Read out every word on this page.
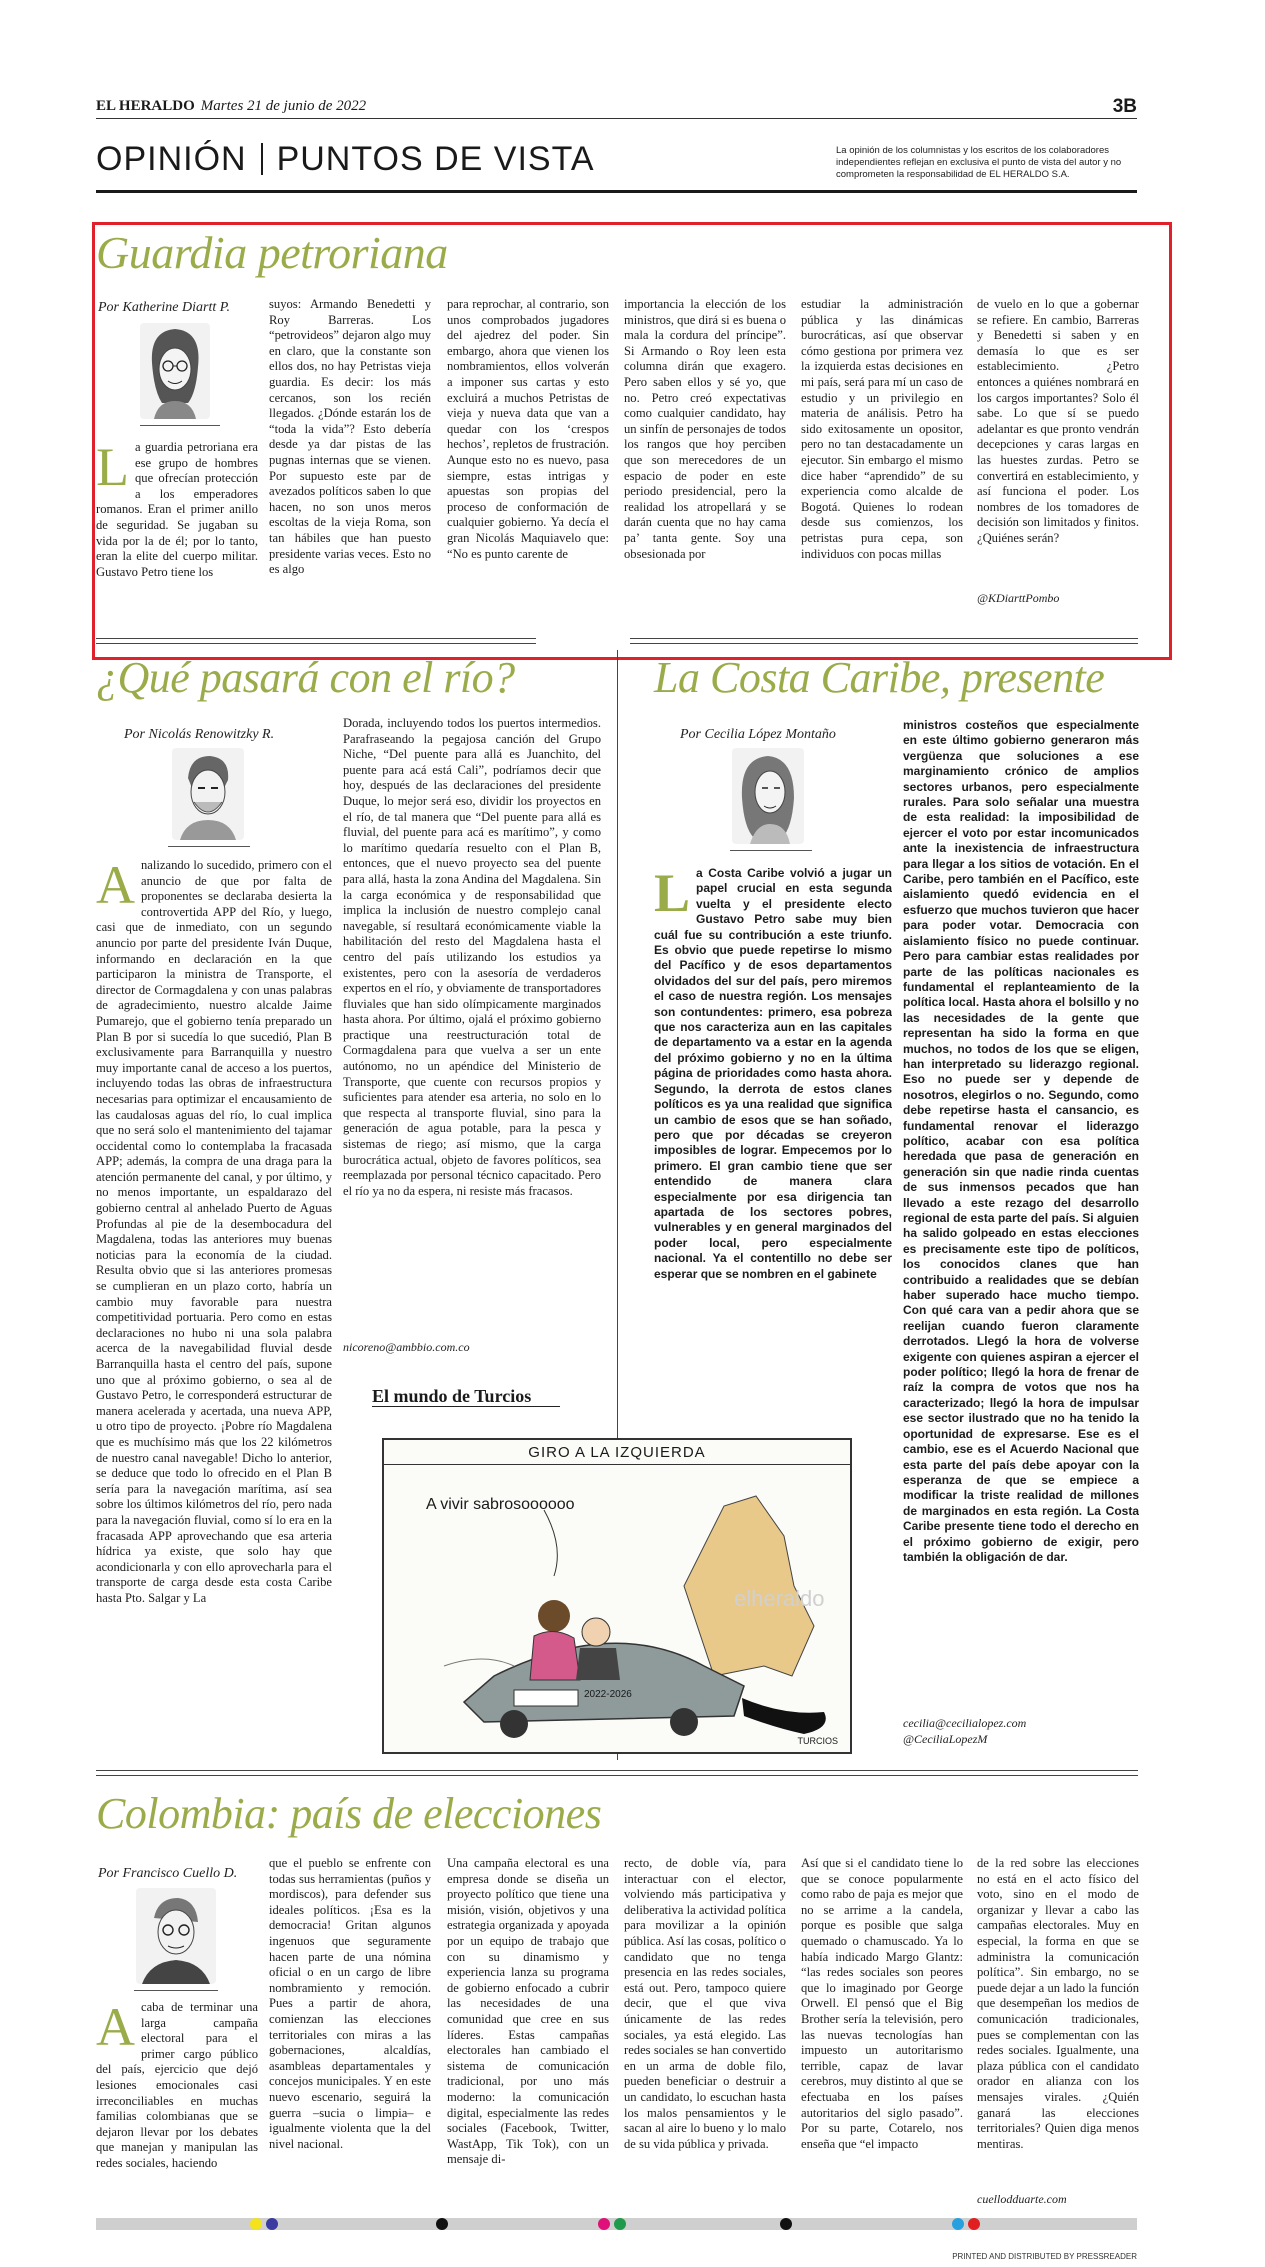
EL HERALDO Martes 21 de junio de 2022	3B
OPINIÓN PUNTOS DE VISTA	La opinión de los columnistas y los escritos de los colaboradores independientes reflejan en exclusiva el punto de vista del autor y no comprometen la responsabilidad de EL HERALDO S.A.
Guardia petroriana
Por Katherine Diartt P.
La guardia petroriana era ese grupo de hombres que ofrecían protección a los emperadores romanos. Eran el primer anillo de seguridad. Se jugaban su vida por la de él; por lo tanto, eran la elite del cuerpo militar. Gustavo Petro tiene los
suyos: Armando Benedetti y Roy Barreras. Los “petrovideos” dejaron algo muy en claro, que la constante son ellos dos, no hay Petristas vieja guardia. Es decir: los más cercanos, son los recién llegados. ¿Dónde estarán los de “toda la vida”? Esto debería desde ya dar pistas de las pugnas internas que se vienen. Por supuesto este par de avezados políticos saben lo que hacen, no son unos meros escoltas de la vieja Roma, son tan hábiles que han puesto presidente varias veces. Esto no es algo
para reprochar, al contrario, son unos comprobados jugadores del ajedrez del poder. Sin embargo, ahora que vienen los nombramientos, ellos volverán a imponer sus cartas y esto excluirá a muchos Petristas de vieja y nueva data que van a quedar con los ‘crespos hechos’, repletos de frustración. Aunque esto no es nuevo, pasa siempre, estas intrigas y apuestas son propias del proceso de conformación de cualquier gobierno. Ya decía el gran Nicolás Maquiavelo que: “No es punto carente de
importancia la elección de los ministros, que dirá si es buena o mala la cordura del príncipe”. Si Armando o Roy leen esta columna dirán que exagero. Pero saben ellos y sé yo, que no. Petro creó expectativas como cualquier candidato, hay un sinfín de personajes de todos los rangos que hoy perciben que son merecedores de un espacio de poder en este periodo presidencial, pero la realidad los atropellará y se darán cuenta que no hay cama pa’ tanta gente. Soy una obsesionada por
estudiar la administración pública y las dinámicas burocráticas, así que observar cómo gestiona por primera vez la izquierda estas decisiones en mi país, será para mí un caso de estudio y un privilegio en materia de análisis. Petro ha sido exitosamente un opositor, pero no tan destacadamente un ejecutor. Sin embargo el mismo dice haber “aprendido” de su experiencia como alcalde de Bogotá. Quienes lo rodean desde sus comienzos, los petristas pura cepa, son individuos con pocas millas
de vuelo en lo que a gobernar se refiere. En cambio, Barreras y Benedetti si saben y en demasía lo que es ser establecimiento. ¿Petro entonces a quiénes nombrará en los cargos importantes? Solo él sabe. Lo que sí se puedo adelantar es que pronto vendrán decepciones y caras largas en las huestes zurdas. Petro se convertirá en establecimiento, y así funciona el poder. Los nombres de los tomadores de decisión son limitados y finitos. ¿Quiénes serán?
@KDiarttPombo
¿Qué pasará con el río?
Por Nicolás Renowitzky R.
Analizando lo sucedido, primero con el anuncio de que por falta de proponentes se declaraba desierta la controvertida APP del Río, y luego, casi que de inmediato, con un segundo anuncio por parte del presidente Iván Duque, informando en declaración en la que participaron la ministra de Transporte, el director de Cormagdalena y con unas palabras de agradecimiento, nuestro alcalde Jaime Pumarejo, que el gobierno tenía preparado un Plan B por si sucedía lo que sucedió, Plan B exclusivamente para Barranquilla y nuestro muy importante canal de acceso a los puertos, incluyendo todas las obras de infraestructura necesarias para optimizar el encausamiento de las caudalosas aguas del río, lo cual implica que no será solo el mantenimiento del tajamar occidental como lo contemplaba la fracasada APP; además, la compra de una draga para la atención permanente del canal, y por último, y no menos importante, un espaldarazo del gobierno central al anhelado Puerto de Aguas Profundas al pie de la desembocadura del Magdalena, todas las anteriores muy buenas noticias para la economía de la ciudad. Resulta obvio que si las anteriores promesas se cumplieran en un plazo corto, habría un cambio muy favorable para nuestra competitividad portuaria. Pero como en estas declaraciones no hubo ni una sola palabra acerca de la navegabilidad fluvial desde Barranquilla hasta el centro del país, supone uno que al próximo gobierno, o sea al de Gustavo Petro, le corresponderá estructurar de manera acelerada y acertada, una nueva APP, u otro tipo de proyecto. ¡Pobre río Magdalena que es muchísimo más que los 22 kilómetros de nuestro canal navegable! Dicho lo anterior, se deduce que todo lo ofrecido en el Plan B sería para la navegación marítima, así sea sobre los últimos kilómetros del río, pero nada para la navegación fluvial, como sí lo era en la fracasada APP aprovechando que esa arteria hídrica ya existe, que solo hay que acondicionarla y con ello aprovecharla para el transporte de carga desde esta costa Caribe hasta Pto. Salgar y La
Dorada, incluyendo todos los puertos intermedios. Parafraseando la pegajosa canción del Grupo Niche, “Del puente para allá es Juanchito, del puente para acá está Cali”, podríamos decir que hoy, después de las declaraciones del presidente Duque, lo mejor será eso, dividir los proyectos en el río, de tal manera que “Del puente para allá es fluvial, del puente para acá es marítimo”, y como lo marítimo quedaría resuelto con el Plan B, entonces, que el nuevo proyecto sea del puente para allá, hasta la zona Andina del Magdalena. Sin la carga económica y de responsabilidad que implica la inclusión de nuestro complejo canal navegable, sí resultará económicamente viable la habilitación del resto del Magdalena hasta el centro del país utilizando los estudios ya existentes, pero con la asesoría de verdaderos expertos en el río, y obviamente de transportadores fluviales que han sido olímpicamente marginados hasta ahora. Por último, ojalá el próximo gobierno practique una reestructuración total de Cormagdalena para que vuelva a ser un ente autónomo, no un apéndice del Ministerio de Transporte, que cuente con recursos propios y suficientes para atender esa arteria, no solo en lo que respecta al transporte fluvial, sino para la generación de agua potable, para la pesca y sistemas de riego; así mismo, que la carga burocrática actual, objeto de favores políticos, sea reemplazada por personal técnico capacitado. Pero el río ya no da espera, ni resiste más fracasos.
nicoreno@ambbio.com.co
El mundo de Turcios
GIRO A LA IZQUIERDA
A vivir sabrosoooooo
2022-2026
elheraldo
TURCIOS
La Costa Caribe, presente
Por Cecilia López Montaño
La Costa Caribe volvió a jugar un papel crucial en esta segunda vuelta y el presidente electo Gustavo Petro sabe muy bien cuál fue su contribución a este triunfo. Es obvio que puede repetirse lo mismo del Pacífico y de esos departamentos olvidados del sur del país, pero miremos el caso de nuestra región. Los mensajes son contundentes: primero, esa pobreza que nos caracteriza aun en las capitales de departamento va a estar en la agenda del próximo gobierno y no en la última página de prioridades como hasta ahora. Segundo, la derrota de estos clanes políticos es ya una realidad que significa un cambio de esos que se han soñado, pero que por décadas se creyeron imposibles de lograr. Empecemos por lo primero. El gran cambio tiene que ser entendido de manera clara especialmente por esa dirigencia tan apartada de los sectores pobres, vulnerables y en general marginados del poder local, pero especialmente nacional. Ya el contentillo no debe ser esperar que se nombren en el gabinete
ministros costeños que especialmente en este último gobierno generaron más vergüenza que soluciones a ese marginamiento crónico de amplios sectores urbanos, pero especialmente rurales. Para solo señalar una muestra de esta realidad: la imposibilidad de ejercer el voto por estar incomunicados ante la inexistencia de infraestructura para llegar a los sitios de votación. En el Caribe, pero también en el Pacífico, este aislamiento quedó evidencia en el esfuerzo que muchos tuvieron que hacer para poder votar. Democracia con aislamiento físico no puede continuar. Pero para cambiar estas realidades por parte de las políticas nacionales es fundamental el replanteamiento de la política local. Hasta ahora el bolsillo y no las necesidades de la gente que representan ha sido la forma en que muchos, no todos de los que se eligen, han interpretado su liderazgo regional. Eso no puede ser y depende de nosotros, elegirlos o no. Segundo, como debe repetirse hasta el cansancio, es fundamental renovar el liderazgo político, acabar con esa política heredada que pasa de generación en generación sin que nadie rinda cuentas de sus inmensos pecados que han llevado a este rezago del desarrollo regional de esta parte del país. Si alguien ha salido golpeado en estas elecciones es precisamente este tipo de políticos, los conocidos clanes que han contribuido a realidades que se debían haber superado hace mucho tiempo. Con qué cara van a pedir ahora que se reelijan cuando fueron claramente derrotados. Llegó la hora de volverse exigente con quienes aspiran a ejercer el poder político; llegó la hora de frenar de raíz la compra de votos que nos ha caracterizado; llegó la hora de impulsar ese sector ilustrado que no ha tenido la oportunidad de expresarse. Ese es el cambio, ese es el Acuerdo Nacional que esta parte del país debe apoyar con la esperanza de que se empiece a modificar la triste realidad de millones de marginados en esta región. La Costa Caribe presente tiene todo el derecho en el próximo gobierno de exigir, pero también la obligación de dar.
cecilia@cecilialopez.com
@CeciliaLopezM
Colombia: país de elecciones
Por Francisco Cuello D.
Acaba de terminar una larga campaña electoral para el primer cargo público del país, ejercicio que dejó lesiones emocionales casi irreconciliables en muchas familias colombianas que se dejaron llevar por los debates que manejan y manipulan las redes sociales, haciendo
que el pueblo se enfrente con todas sus herramientas (puños y mordiscos), para defender sus ideales políticos. ¡Esa es la democracia! Gritan algunos ingenuos que seguramente hacen parte de una nómina oficial o en un cargo de libre nombramiento y remoción. Pues a partir de ahora, comienzan las elecciones territoriales con miras a las gobernaciones, alcaldías, asambleas departamentales y concejos municipales. Y en este nuevo escenario, seguirá la guerra –sucia o limpia– e igualmente violenta que la del nivel nacional.
Una campaña electoral es una empresa donde se diseña un proyecto político que tiene una misión, visión, objetivos y una estrategia organizada y apoyada por un equipo de trabajo que con su dinamismo y experiencia lanza su programa de gobierno enfocado a cubrir las necesidades de una comunidad que cree en sus líderes. Estas campañas electorales han cambiado el sistema de comunicación tradicional, por uno más moderno: la comunicación digital, especialmente las redes sociales (Facebook, Twitter, WastApp, Tik Tok), con un mensaje di-
recto, de doble vía, para interactuar con el elector, volviendo más participativa y deliberativa la actividad política para movilizar a la opinión pública. Así las cosas, político o candidato que no tenga presencia en las redes sociales, está out. Pero, tampoco quiere decir, que el que viva únicamente de las redes sociales, ya está elegido. Las redes sociales se han convertido en un arma de doble filo, pueden beneficiar o destruir a un candidato, lo escuchan hasta los malos pensamientos y le sacan al aire lo bueno y lo malo de su vida pública y privada.
Así que si el candidato tiene lo que se conoce popularmente como rabo de paja es mejor que no se arrime a la candela, porque es posible que salga quemado o chamuscado. Ya lo había indicado Margo Glantz: “las redes sociales son peores que lo imaginado por George Orwell. El pensó que el Big Brother sería la televisión, pero las nuevas tecnologías han impuesto un autoritarismo terrible, capaz de lavar cerebros, muy distinto al que se efectuaba en los países autoritarios del siglo pasado”. Por su parte, Cotarelo, nos enseña que “el impacto
de la red sobre las elecciones no está en el acto físico del voto, sino en el modo de organizar y llevar a cabo las campañas electorales. Muy en especial, la forma en que se administra la comunicación política”. Sin embargo, no se puede dejar a un lado la función que desempeñan los medios de comunicación tradicionales, pues se complementan con las redes sociales. Igualmente, una plaza pública con el candidato orador en alianza con los mensajes virales. ¿Quién ganará las elecciones territoriales? Quien diga menos mentiras.
cuellodduarte.com
PRINTED AND DISTRIBUTED BY PRESSREADER
